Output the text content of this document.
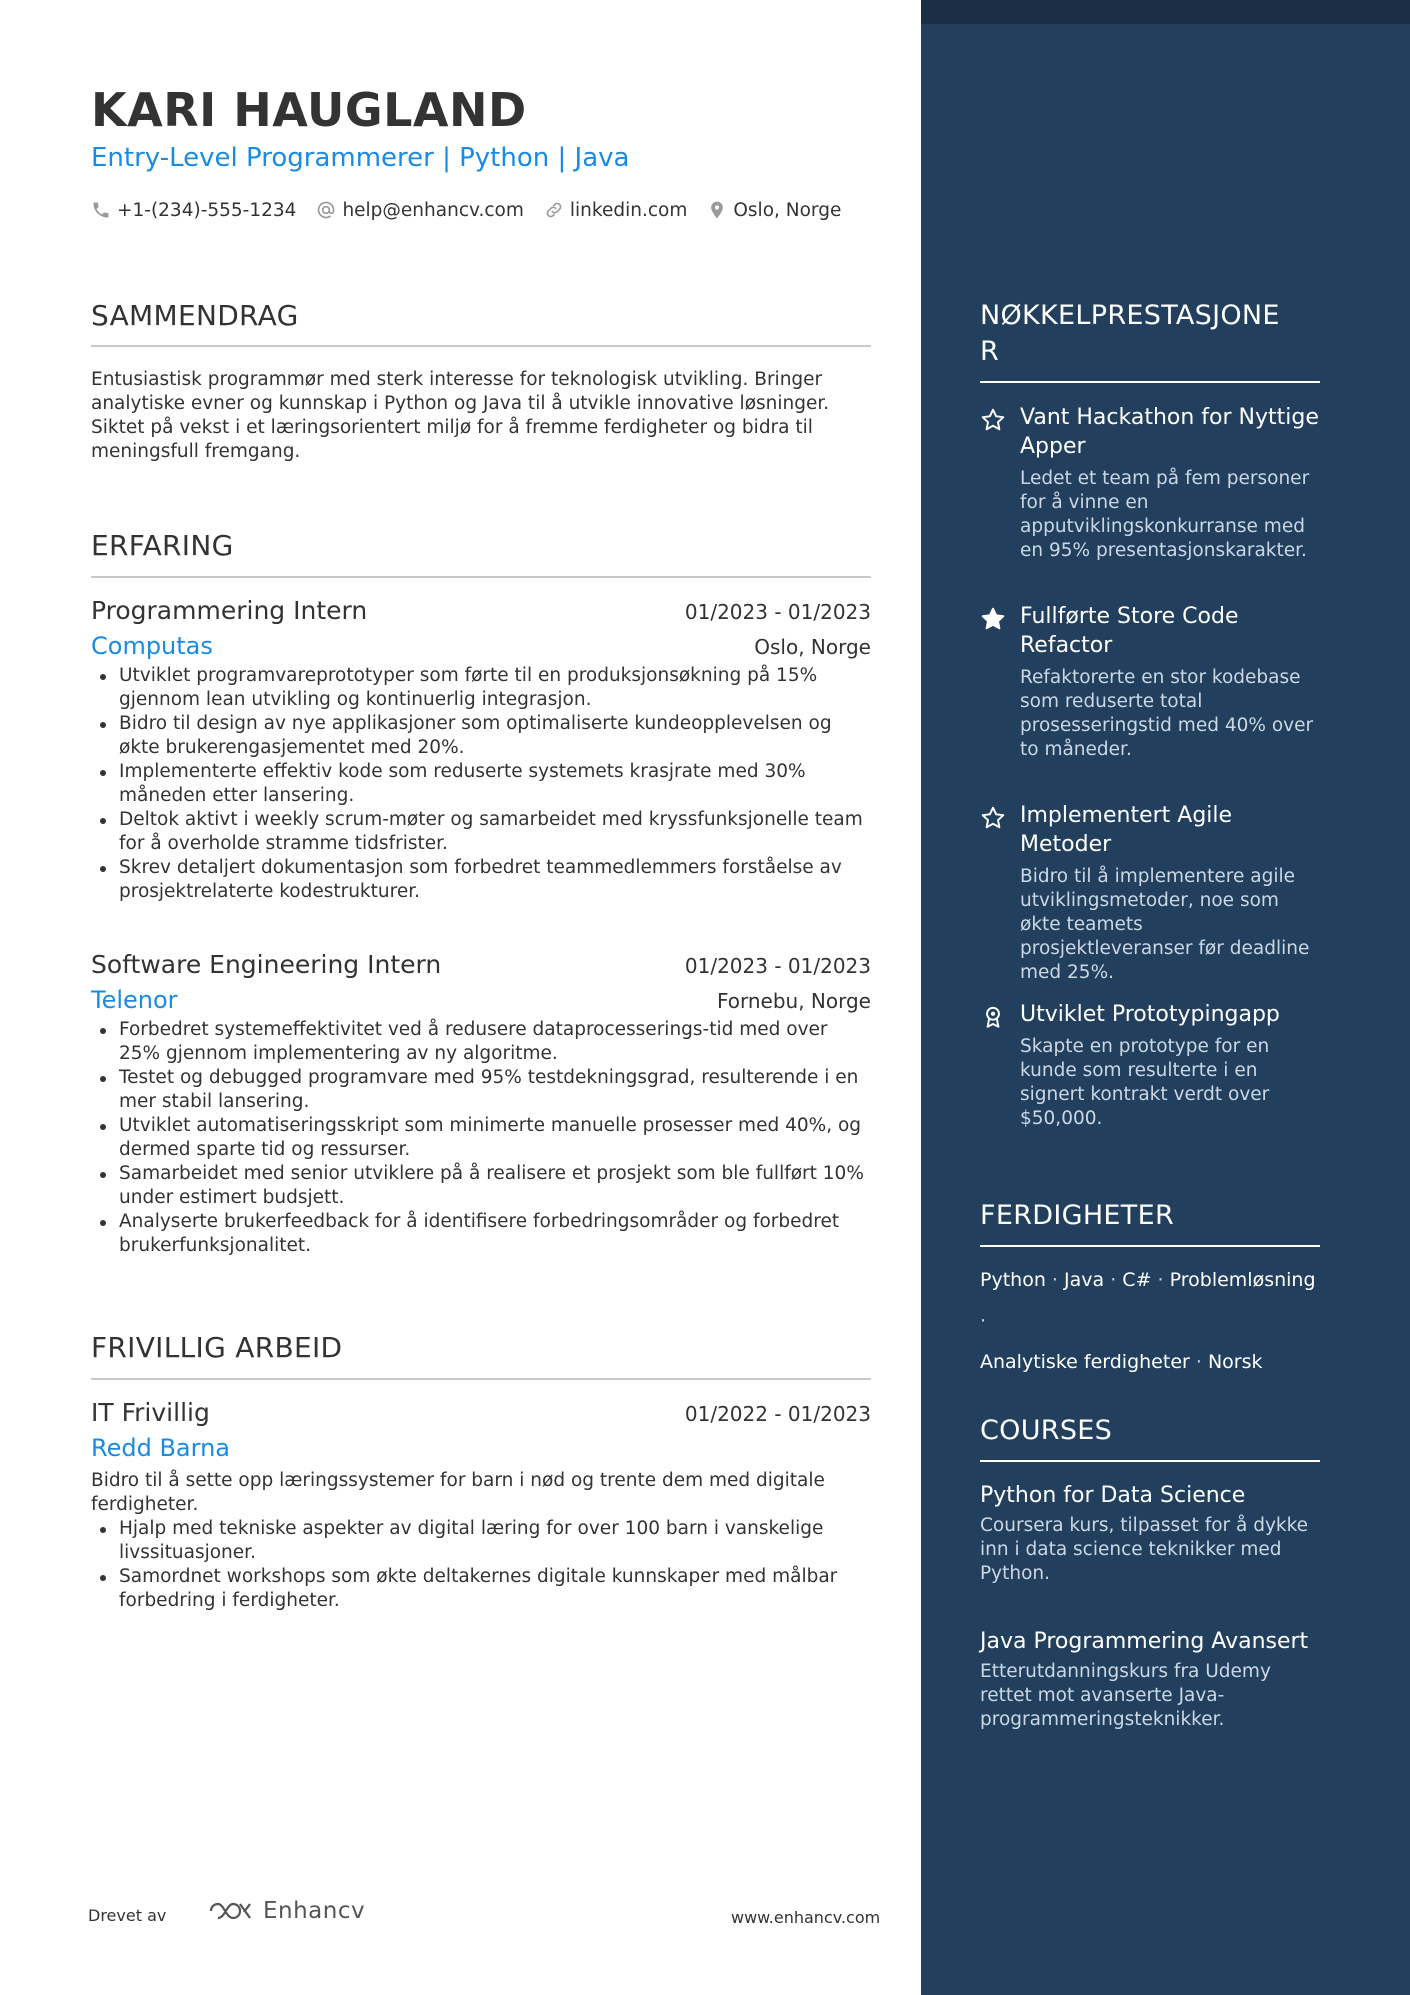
KARI HAUGLAND
Entry-Level Programmerer | Python | Java
+1-(234)-555-1234 help@enhancv.com linkedin.com Oslo, Norge
SAMMENDRAG
Entusiastisk programmør med sterk interesse for teknologisk utvikling. Bringer analytiske evner og kunnskap i Python og Java til å utvikle innovative løsninger. Siktet på vekst i et læringsorientert miljø for å fremme ferdigheter og bidra til meningsfull fremgang.
ERFARING
Programmering Intern	01/2023 - 01/2023
Computas	Oslo, Norge
Utviklet programvareprototyper som førte til en produksjonsøkning på 15% gjennom lean utvikling og kontinuerlig integrasjon.
Bidro til design av nye applikasjoner som optimaliserte kundeopplevelsen og økte brukerengasjementet med 20%.
Implementerte effektiv kode som reduserte systemets krasjrate med 30% måneden etter lansering.
Deltok aktivt i weekly scrum-møter og samarbeidet med kryssfunksjonelle team for å overholde stramme tidsfrister.
Skrev detaljert dokumentasjon som forbedret teammedlemmers forståelse av prosjektrelaterte kodestrukturer.
Software Engineering Intern	01/2023 - 01/2023
Telenor	Fornebu, Norge
Forbedret systemeffektivitet ved å redusere dataprocesserings-tid med over 25% gjennom implementering av ny algoritme.
Testet og debugged programvare med 95% testdekningsgrad, resulterende i en mer stabil lansering.
Utviklet automatiseringsskript som minimerte manuelle prosesser med 40%, og dermed sparte tid og ressurser.
Samarbeidet med senior utviklere på å realisere et prosjekt som ble fullført 10% under estimert budsjett.
Analyserte brukerfeedback for å identifisere forbedringsområder og forbedret brukerfunksjonalitet.
FRIVILLIG ARBEID
IT Frivillig	01/2022 - 01/2023
Redd Barna
Bidro til å sette opp læringssystemer for barn i nød og trente dem med digitale ferdigheter.
Hjalp med tekniske aspekter av digital læring for over 100 barn i vanskelige livssituasjoner.
Samordnet workshops som økte deltakernes digitale kunnskaper med målbar forbedring i ferdigheter.
Drevet av	Enhancv	www.enhancv.com
NØKKELPRESTASJONE
R
Vant Hackathon for Nyttige Apper
Ledet et team på fem personer for å vinne en apputviklingskonkurranse med en 95% presentasjonskarakter.
Fullførte Store Code Refactor
Refaktorerte en stor kodebase som reduserte total prosesseringstid med 40% over to måneder.
Implementert Agile Metoder
Bidro til å implementere agile utviklingsmetoder, noe som økte teamets prosjektleveranser før deadline med 25%.
Utviklet Prototypingapp
Skapte en prototype for en kunde som resulterte i en signert kontrakt verdt over $50,000.
FERDIGHETER
Python · Java · C# · Problemløsning ·
Analytiske ferdigheter · Norsk
COURSES
Python for Data Science
Coursera kurs, tilpasset for å dykke inn i data science teknikker med Python.
Java Programmering Avansert
Etterutdanningskurs fra Udemy rettet mot avanserte Java-programmeringsteknikker.
